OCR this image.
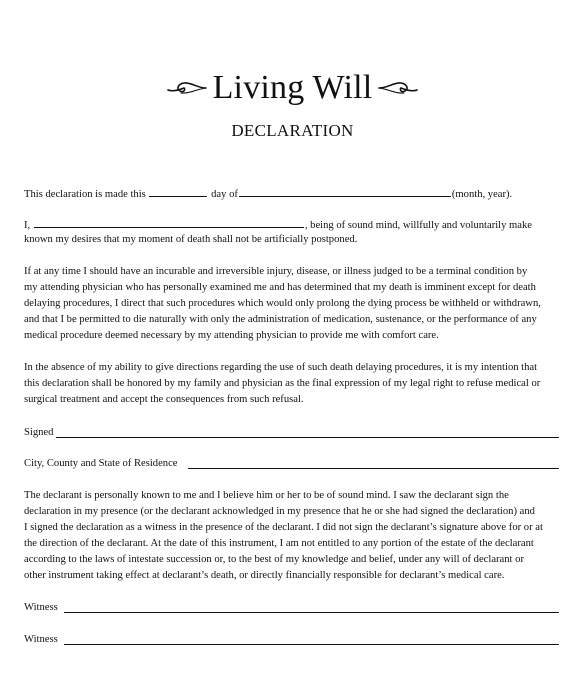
Living Will
DECLARATION
This declaration is made this	day of	(month, year).
I,	, being of sound mind, willfully and voluntarily make
known my desires that my moment of death shall not be artificially postponed.
If at any time I should have an incurable and irreversible injury, disease, or illness judged to be a terminal condition by
my attending physician who has personally examined me and has determined that my death is imminent except for death
delaying procedures, I direct that such procedures which would only prolong the dying process be withheld or withdrawn,
and that I be permitted to die naturally with only the administration of medication, sustenance, or the performance of any
medical procedure deemed necessary by my attending physician to provide me with comfort care.
In the absence of my ability to give directions regarding the use of such death delaying procedures, it is my intention that
this declaration shall be honored by my family and physician as the final expression of my legal right to refuse medical or
surgical treatment and accept the consequences from such refusal.
Signed
City, County and State of Residence
The declarant is personally known to me and I believe him or her to be of sound mind. I saw the declarant sign the
declaration in my presence (or the declarant acknowledged in my presence that he or she had signed the declaration) and
I signed the declaration as a witness in the presence of the declarant. I did not sign the declarant’s signature above for or at
the direction of the declarant. At the date of this instrument, I am not entitled to any portion of the estate of the declarant
according to the laws of intestate succession or, to the best of my knowledge and belief, under any will of declarant or
other instrument taking effect at declarant’s death, or directly financially responsible for declarant’s medical care.
Witness
Witness
